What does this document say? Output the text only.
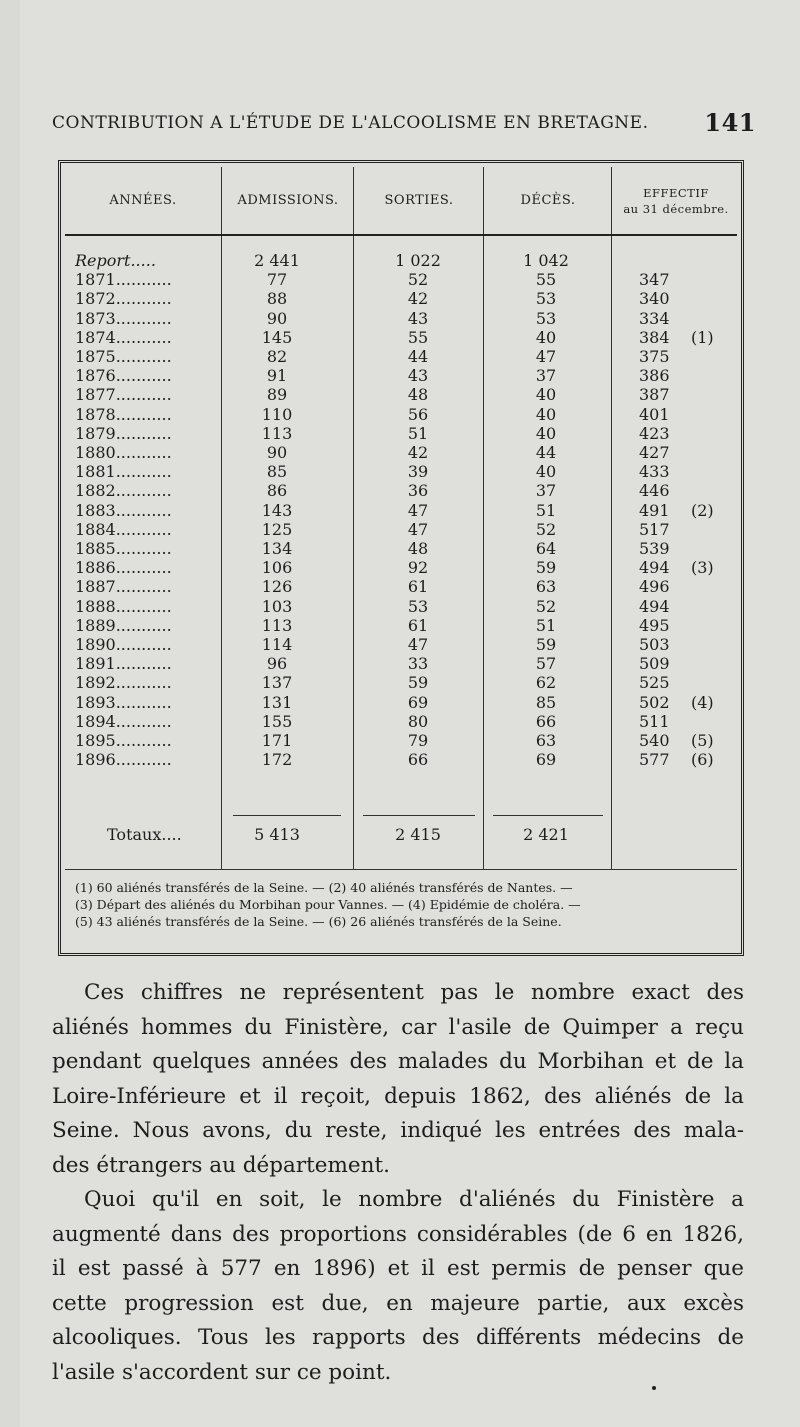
CONTRIBUTION A L'ÉTUDE DE L'ALCOOLISME EN BRETAGNE. 141
ANNÉES.	ADMISSIONS.	SORTIES.	DÉCÈS.	EFFECTIF
au 31 décembre.
Report.....	2 441	1 022	1 042
1871...........	77	52	55	347
1872...........	88	42	53	340
1873...........	90	43	53	334
1874...........	145	55	40	384	(1)
1875...........	82	44	47	375
1876...........	91	43	37	386
1877...........	89	48	40	387
1878...........	110	56	40	401
1879...........	113	51	40	423
1880...........	90	42	44	427
1881...........	85	39	40	433
1882...........	86	36	37	446
1883...........	143	47	51	491	(2)
1884...........	125	47	52	517
1885...........	134	48	64	539
1886...........	106	92	59	494	(3)
1887...........	126	61	63	496
1888...........	103	53	52	494
1889...........	113	61	51	495
1890...........	114	47	59	503
1891...........	96	33	57	509
1892...........	137	59	62	525
1893...........	131	69	85	502	(4)
1894...........	155	80	66	511
1895...........	171	79	63	540	(5)
1896...........	172	66	69	577	(6)
Totaux....	5 413	2 415	2 421
(1) 60 aliénés transférés de la Seine. — (2) 40 aliénés transférés de Nantes. —
(3) Départ des aliénés du Morbihan pour Vannes. — (4) Epidémie de choléra. —
(5) 43 aliénés transférés de la Seine. — (6) 26 aliénés transférés de la Seine.
Ces chiffres ne représentent pas le nombre exact des
aliénés hommes du Finistère, car l'asile de Quimper a reçu
pendant quelques années des malades du Morbihan et de la
Loire-Inférieure et il reçoit, depuis 1862, des aliénés de la
Seine. Nous avons, du reste, indiqué les entrées des mala-
des étrangers au département.
Quoi qu'il en soit, le nombre d'aliénés du Finistère a
augmenté dans des proportions considérables (de 6 en 1826,
il est passé à 577 en 1896) et il est permis de penser que
cette progression est due, en majeure partie, aux excès
alcooliques. Tous les rapports des différents médecins de
l'asile s'accordent sur ce point.
